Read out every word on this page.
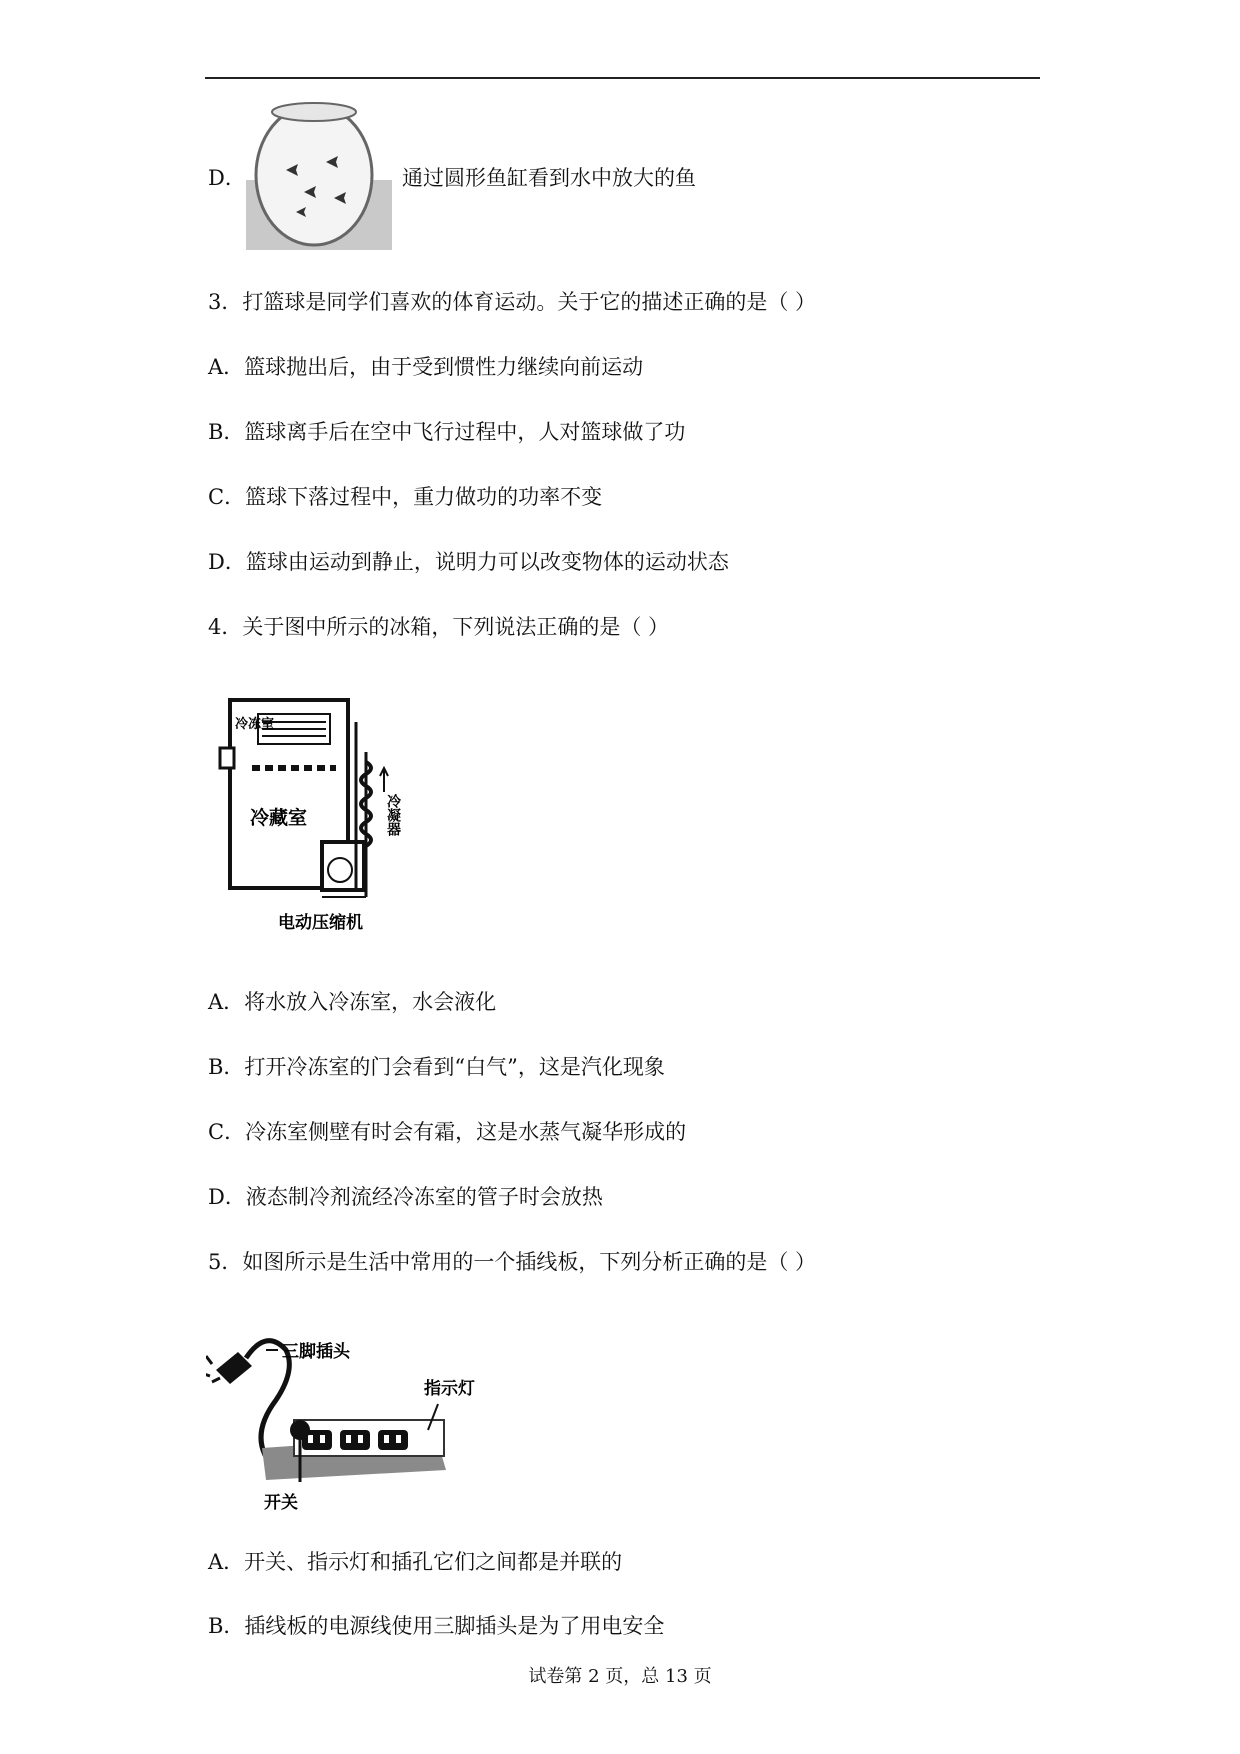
D．	通过圆形鱼缸看到水中放大的鱼
3．打篮球是同学们喜欢的体育运动。关于它的描述正确的是（ ）
A．篮球抛出后，由于受到惯性力继续向前运动
B．篮球离手后在空中飞行过程中，人对篮球做了功
C．篮球下落过程中，重力做功的功率不变
D．篮球由运动到静止，说明力可以改变物体的运动状态
4．关于图中所示的冰箱，下列说法正确的是（ ）
冷冻室
冷藏室	冷凝器
电动压缩机
A．将水放入冷冻室，水会液化
B．打开冷冻室的门会看到“白气”，这是汽化现象
C．冷冻室侧壁有时会有霜，这是水蒸气凝华形成的
D．液态制冷剂流经冷冻室的管子时会放热
5．如图所示是生活中常用的一个插线板，下列分析正确的是（ ）
三脚插头
指示灯
开关
A．开关、指示灯和插孔它们之间都是并联的
B．插线板的电源线使用三脚插头是为了用电安全
试卷第 2 页，总 13 页
